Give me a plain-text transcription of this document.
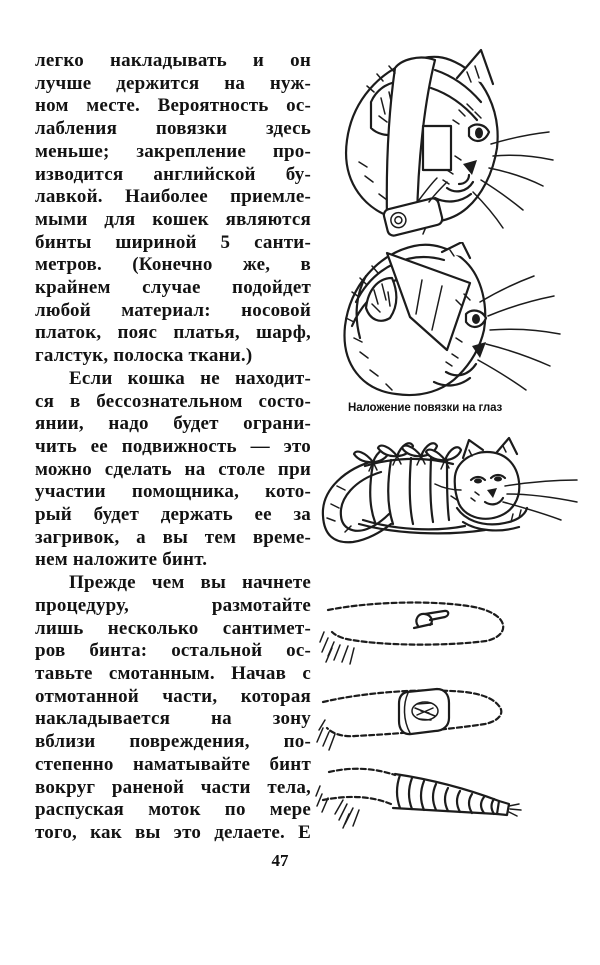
легко накладывать и он
лучше держится на нуж-
ном месте. Вероятность ос-
лабления повязки здесь
меньше; закрепление про-
изводится английской бу-
лавкой. Наиболее приемле-
мыми для кошек являются
бинты шириной 5 санти-
метров. (Конечно же, в
крайнем случае подойдет
любой материал: носовой
платок, пояс платья, шарф,
галстук, полоска ткани.)
Если кошка не находит-
ся в бессознательном состо-
янии, надо будет ограни-
чить ее подвижность — это
можно сделать на столе при
участии помощника, кото-
рый будет держать ее за
загривок, а вы тем време-
нем наложите бинт.
Прежде чем вы начнете
процедуру, размотайте
лишь несколько сантимет-
ров бинта: остальной ос-
тавьте смотанным. Начав с
отмотанной части, которая
накладывается на зону
вблизи повреждения, по-
степенно наматывайте бинт
вокруг раненой части тела,
распуская моток по мере
того, как вы это делаете. Е
Наложение повязки на глаз
47
